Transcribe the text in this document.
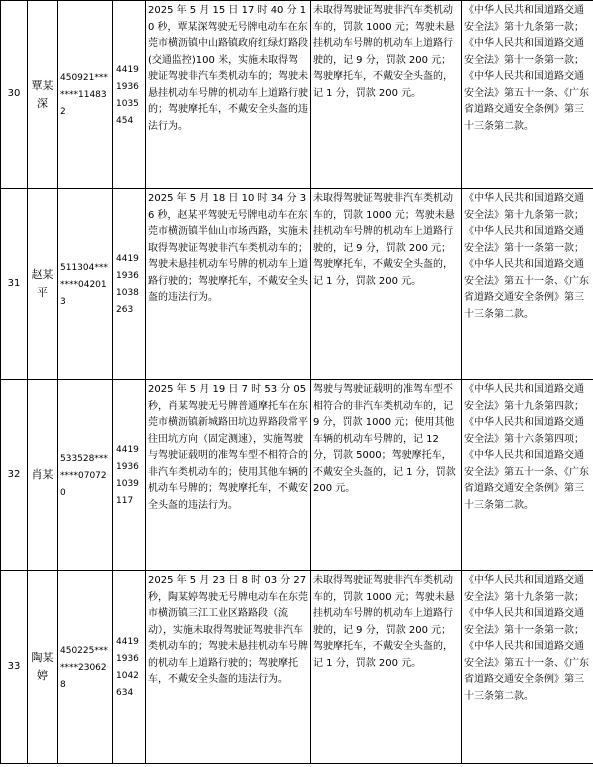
30	覃某深	450921*******114832	441919361035454	2025 年 5 月 15 日 17 时 40 分 10 秒，覃某深驾驶无号牌电动车在东莞市横沥镇中山路镇政府红绿灯路段(交通监控)100 米，实施未取得驾驶证驾驶非汽车类机动车的；驾驶未悬挂机动车号牌的机动车上道路行驶的；驾驶摩托车，不戴安全头盔的违法行为。	未取得驾驶证驾驶非汽车类机动车的，罚款 1000 元；驾驶未悬挂机动车号牌的机动车上道路行驶的，记 9 分，罚款 200 元；驾驶摩托车，不戴安全头盔的，记 1 分，罚款 200 元。	《中华人民共和国道路交通安全法》第十九条第一款；《中华人民共和国道路交通安全法》第十一条第一款；《中华人民共和国道路交通安全法》第五十一条、《广东省道路交通安全条例》第三十三条第二款。
31	赵某平	511304*******042013	441919361038263	2025 年 5 月 18 日 10 时 34 分 36 秒，赵某平驾驶无号牌电动车在东莞市横沥镇半仙山市场西路，实施未取得驾驶证驾驶非汽车类机动车的；驾驶未悬挂机动车号牌的机动车上道路行驶的；驾驶摩托车，不戴安全头盔的违法行为。	未取得驾驶证驾驶非汽车类机动车的，罚款 1000 元；驾驶未悬挂机动车号牌的机动车上道路行驶的，记 9 分，罚款 200 元；驾驶摩托车，不戴安全头盔的，记 1 分，罚款 200 元。	《中华人民共和国道路交通安全法》第十九条第一款；《中华人民共和国道路交通安全法》第十一条第一款；《中华人民共和国道路交通安全法》第五十一条、《广东省道路交通安全条例》第三十三条第二款。
32	肖某	533528*******070720	441919361039117	2025 年 5 月 19 日 7 时 53 分 05 秒，肖某驾驶无号牌普通摩托车在东莞市横沥镇新城路田坑边界路段常平往田坑方向（固定测速），实施驾驶与驾驶证载明的准驾车型不相符合的非汽车类机动车的；使用其他车辆的机动车号牌的；驾驶摩托车，不戴安全头盔的违法行为。	驾驶与驾驶证载明的准驾车型不相符合的非汽车类机动车的，记 9 分，罚款 1000 元；使用其他车辆的机动车号牌的，记 12 分，罚款 5000；驾驶摩托车，不戴安全头盔的，记 1 分，罚款 200 元。	《中华人民共和国道路交通安全法》第十九条第四款；《中华人民共和国道路交通安全法》第十六条第四项；《中华人民共和国道路交通安全法》第五十一条、《广东省道路交通安全条例》第三十三条第二款。
33	陶某婷	450225*******230628	441919361042634	2025 年 5 月 23 日 8 时 03 分 27 秒，陶某婷驾驶无号牌电动车在东莞市横沥镇三江工业区路路段（流动），实施未取得驾驶证驾驶非汽车类机动车的；驾驶未悬挂机动车号牌的机动车上道路行驶的；驾驶摩托车，不戴安全头盔的违法行为。	未取得驾驶证驾驶非汽车类机动车的，罚款 1000 元；驾驶未悬挂机动车号牌的机动车上道路行驶的，记 9 分，罚款 200 元；驾驶摩托车，不戴安全头盔的，记 1 分，罚款 200 元。	《中华人民共和国道路交通安全法》第十九条第一款；《中华人民共和国道路交通安全法》第十一条第一款；《中华人民共和国道路交通安全法》第五十一条、《广东省道路交通安全条例》第三十三条第二款。
